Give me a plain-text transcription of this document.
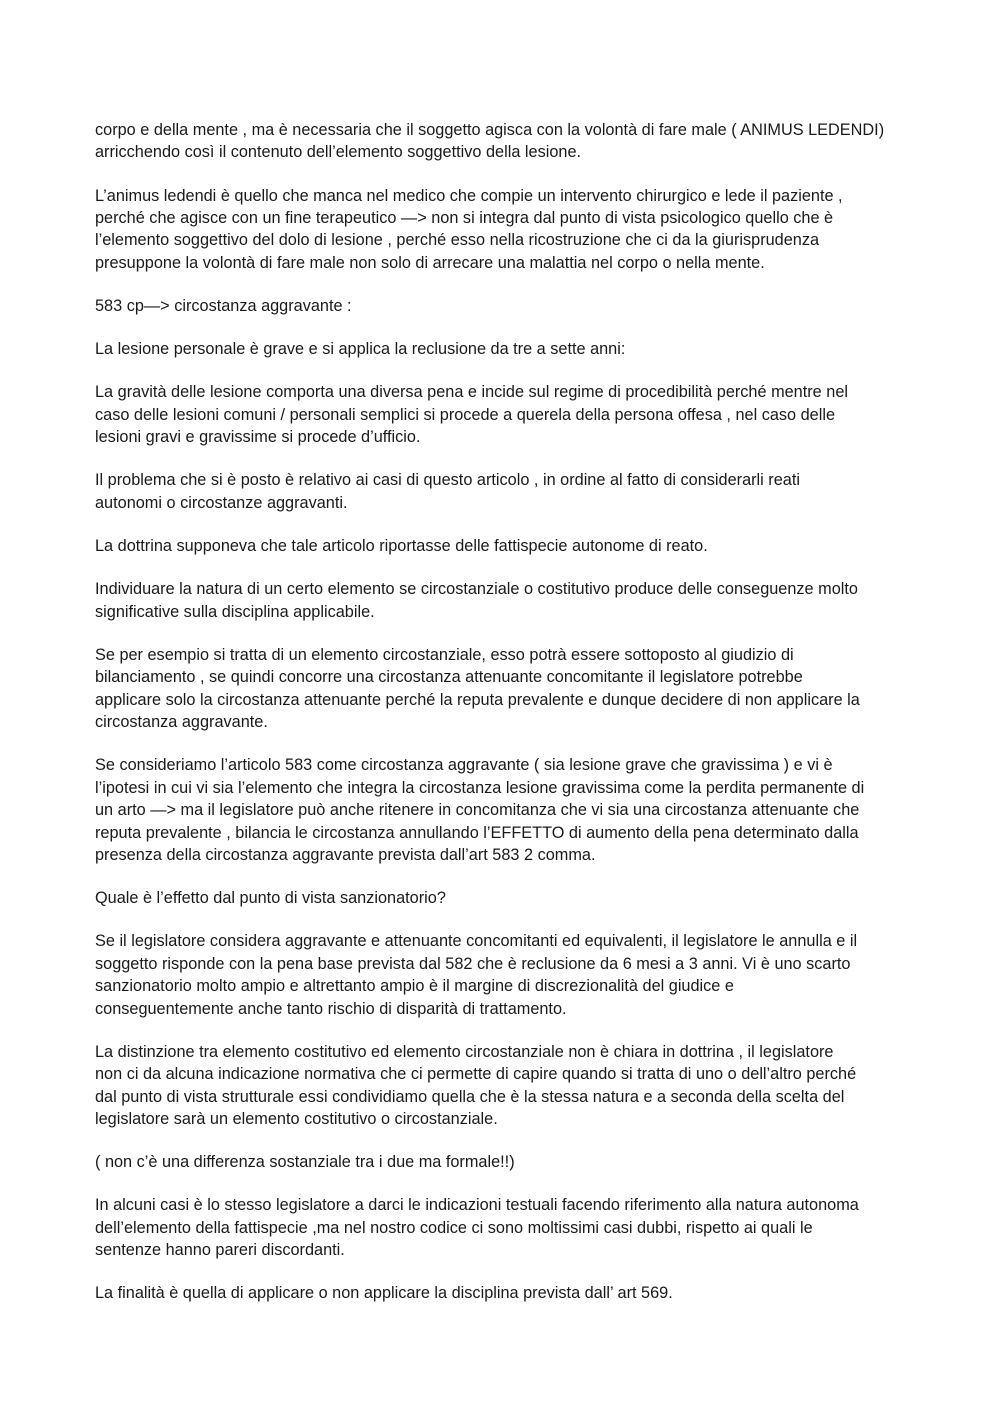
corpo e della mente , ma è necessaria che il soggetto agisca con la volontà di fare male ( ANIMUS LEDENDI)
arricchendo così il contenuto dell’elemento soggettivo della lesione.

L’animus ledendi è quello che manca nel medico che compie un intervento chirurgico e lede il paziente ,
perché che agisce con un fine terapeutico —> non si integra dal punto di vista psicologico quello che è
l’elemento soggettivo del dolo di lesione , perché esso nella ricostruzione che ci da la giurisprudenza
presuppone la volontà di fare male non solo di arrecare una malattia nel corpo o nella mente.

583 cp—> circostanza aggravante :

La lesione personale è grave e si applica la reclusione da tre a sette anni:

La gravità delle lesione comporta una diversa pena e incide sul regime di procedibilità perché mentre nel
caso delle lesioni comuni / personali semplici si procede a querela della persona offesa , nel caso delle
lesioni gravi e gravissime si procede d’ufficio.

Il problema che si è posto è relativo ai casi di questo articolo , in ordine al fatto di considerarli reati
autonomi o circostanze aggravanti.

La dottrina supponeva che tale articolo riportasse delle fattispecie autonome di reato.

Individuare la natura di un certo elemento se circostanziale o costitutivo produce delle conseguenze molto
significative sulla disciplina applicabile.

Se per esempio si tratta di un elemento circostanziale, esso potrà essere sottoposto al giudizio di
bilanciamento , se quindi concorre una circostanza attenuante concomitante il legislatore potrebbe
applicare solo la circostanza attenuante perché la reputa prevalente e dunque decidere di non applicare la
circostanza aggravante.

Se consideriamo l’articolo 583 come circostanza aggravante ( sia lesione grave che gravissima ) e vi è
l’ipotesi in cui vi sia l’elemento che integra la circostanza lesione gravissima come la perdita permanente di
un arto —> ma il legislatore può anche ritenere in concomitanza che vi sia una circostanza attenuante che
reputa prevalente , bilancia le circostanza annullando l’EFFETTO di aumento della pena determinato dalla
presenza della circostanza aggravante prevista dall’art 583 2 comma.

Quale è l’effetto dal punto di vista sanzionatorio?

Se il legislatore considera aggravante e attenuante concomitanti ed equivalenti, il legislatore le annulla e il
soggetto risponde con la pena base prevista dal 582 che è reclusione da 6 mesi a 3 anni. Vi è uno scarto
sanzionatorio molto ampio e altrettanto ampio è il margine di discrezionalità del giudice e
conseguentemente anche tanto rischio di disparità di trattamento.

La distinzione tra elemento costitutivo ed elemento circostanziale non è chiara in dottrina , il legislatore
non ci da alcuna indicazione normativa che ci permette di capire quando si tratta di uno o dell’altro perché
dal punto di vista strutturale essi condividiamo quella che è la stessa natura e a seconda della scelta del
legislatore sarà un elemento costitutivo o circostanziale.

( non c’è una differenza sostanziale tra i due ma formale!!)

In alcuni casi è lo stesso legislatore a darci le indicazioni testuali facendo riferimento alla natura autonoma
dell’elemento della fattispecie ,ma nel nostro codice ci sono moltissimi casi dubbi, rispetto ai quali le
sentenze hanno pareri discordanti.

La finalità è quella di applicare o non applicare la disciplina prevista dall’ art 569.
